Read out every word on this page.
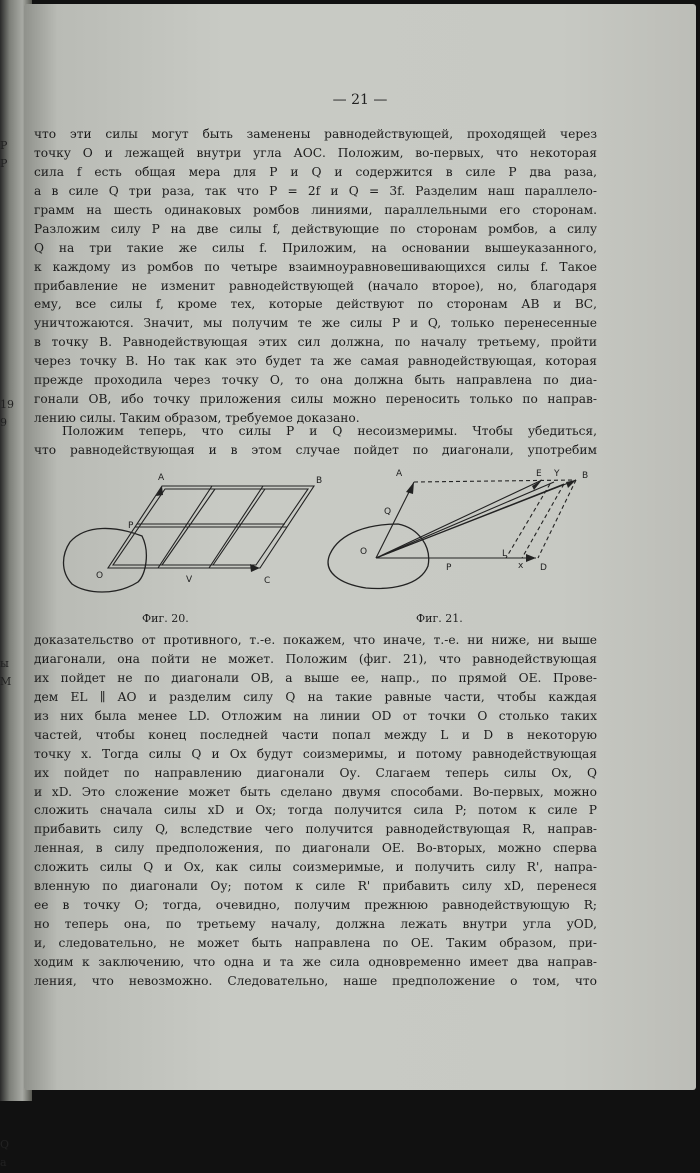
Р
Р
19
9
ы
М
Q
а
— 21 —
что эти силы могут быть заменены равнодействующей, проходящей через
точку О и лежащей внутри угла АОС. Положим, во-первых, что некоторая
сила f есть общая мера для P и Q и содержится в силе P два раза,
а в силе Q три раза, так что P = 2f и Q = 3f. Разделим наш параллело-
грамм на шесть одинаковых ромбов линиями, параллельными его сторонам.
Разложим силу P на две силы f, действующие по сторонам ромбов, а силу
Q на три такие же силы f. Приложим, на основании вышеуказанного,
к каждому из ромбов по четыре взаимноуравновешивающихся силы f. Такое
прибавление не изменит равнодействующей (начало второе), но, благодаря
ему, все силы f, кроме тех, которые действуют по сторонам АВ и ВС,
уничтожаются. Значит, мы получим те же силы P и Q, только перенесенные
в точку В. Равнодействующая этих сил должна, по началу третьему, пройти
через точку В. Но так как это будет та же самая равнодействующая, которая
прежде проходила через точку О, то она должна быть направлена по диа-
гонали ОВ, ибо точку приложения силы можно переносить только по направ-
лению силы. Таким образом, требуемое доказано.
Положим теперь, что силы P и Q несоизмеримы. Чтобы убедиться,
что равнодействующая и в этом случае пойдет по диагонали, употребим
A	B
C
O
P
V
Фиг. 20.
A	B
D
O
E Y
P
Q
L
x
Фиг. 21.
доказательство от противного, т.-е. покажем, что иначе, т.-е. ни ниже, ни выше
диагонали, она пойти не может. Положим (фиг. 21), что равнодействующая
их пойдет не по диагонали ОВ, а выше ее, напр., по прямой ОЕ. Прове-
дем EL ∥ AO и разделим силу Q на такие равные части, чтобы каждая
из них была менее LD. Отложим на линии OD от точки О столько таких
частей, чтобы конец последней части попал между L и D в некоторую
точку x. Тогда силы Q и Ох будут соизмеримы, и потому равнодействующая
их пойдет по направлению диагонали Оу. Слагаем теперь силы Ох, Q
и хD. Это сложение может быть сделано двумя способами. Во-первых, можно
сложить сначала силы хD и Ох; тогда получится сила P; потом к силе P
прибавить силу Q, вследствие чего получится равнодействующая R, направ-
ленная, в силу предположения, по диагонали ОЕ. Во-вторых, можно сперва
сложить силы Q и Ох, как силы соизмеримые, и получить силу R', напра-
вленную по диагонали Оу; потом к силе R' прибавить силу хD, перенеся
ее в точку О; тогда, очевидно, получим прежнюю равнодействующую R;
но теперь она, по третьему началу, должна лежать внутри угла уОD,
и, следовательно, не может быть направлена по ОЕ. Таким образом, при-
ходим к заключению, что одна и та же сила одновременно имеет два направ-
ления, что невозможно. Следовательно, наше предположение о том, что
